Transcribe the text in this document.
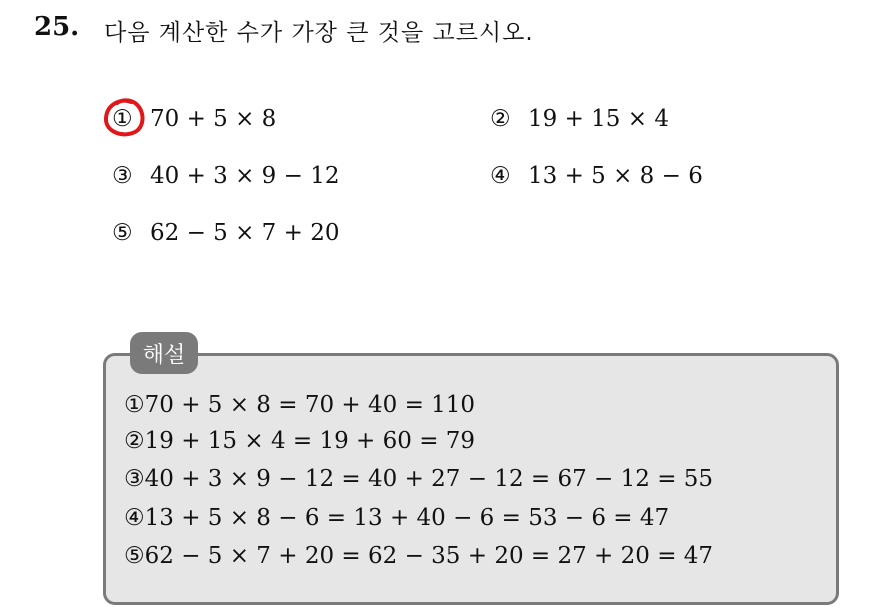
25. 다음 계산한 수가 가장 큰 것을 고르시오.
① 70 + 5 × 8	② 19 + 15 × 4
③ 40 + 3 × 9 − 12	④ 13 + 5 × 8 − 6
⑤ 62 − 5 × 7 + 20
해설
①70 + 5 × 8 = 70 + 40 = 110
②19 + 15 × 4 = 19 + 60 = 79
③40 + 3 × 9 − 12 = 40 + 27 − 12 = 67 − 12 = 55
④13 + 5 × 8 − 6 = 13 + 40 − 6 = 53 − 6 = 47
⑤62 − 5 × 7 + 20 = 62 − 35 + 20 = 27 + 20 = 47
